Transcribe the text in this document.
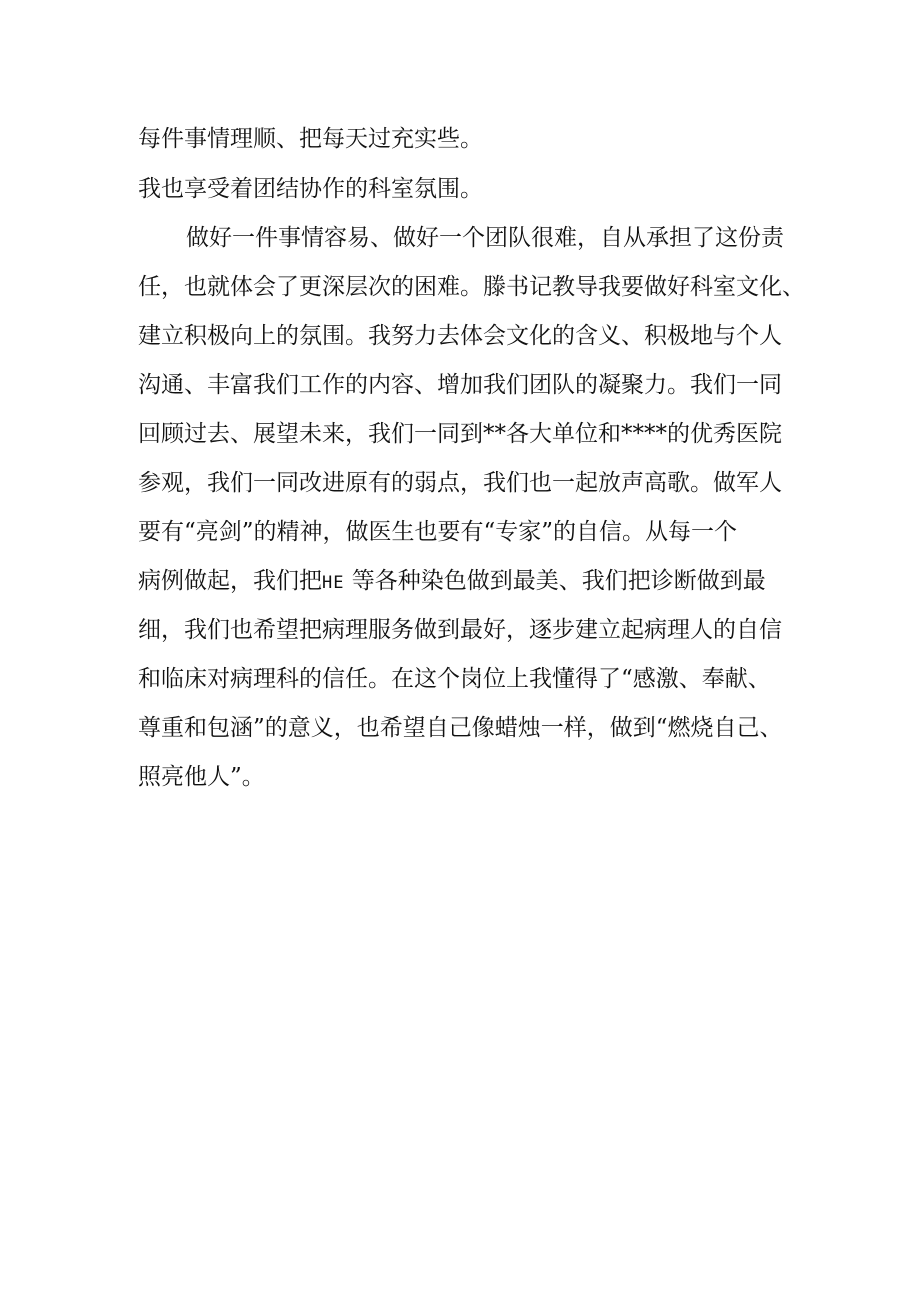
每件事情理顺、把每天过充实些。
我也享受着团结协作的科室氛围。
做好一件事情容易、做好一个团队很难，自从承担了这份责
任，也就体会了更深层次的困难。滕书记教导我要做好科室文化、
建立积极向上的氛围。我努力去体会文化的含义、积极地与个人
沟通、丰富我们工作的内容、增加我们团队的凝聚力。我们一同
回顾过去、展望未来，我们一同到**各大单位和****的优秀医院
参观，我们一同改进原有的弱点，我们也一起放声高歌。做军人
要有“亮剑”的精神，做医生也要有“专家”的自信。从每一个
病例做起，我们把HE 等各种染色做到最美、我们把诊断做到最
细，我们也希望把病理服务做到最好，逐步建立起病理人的自信
和临床对病理科的信任。在这个岗位上我懂得了“感激、奉献、
尊重和包涵”的意义，也希望自己像蜡烛一样，做到“燃烧自己、
照亮他人”。
